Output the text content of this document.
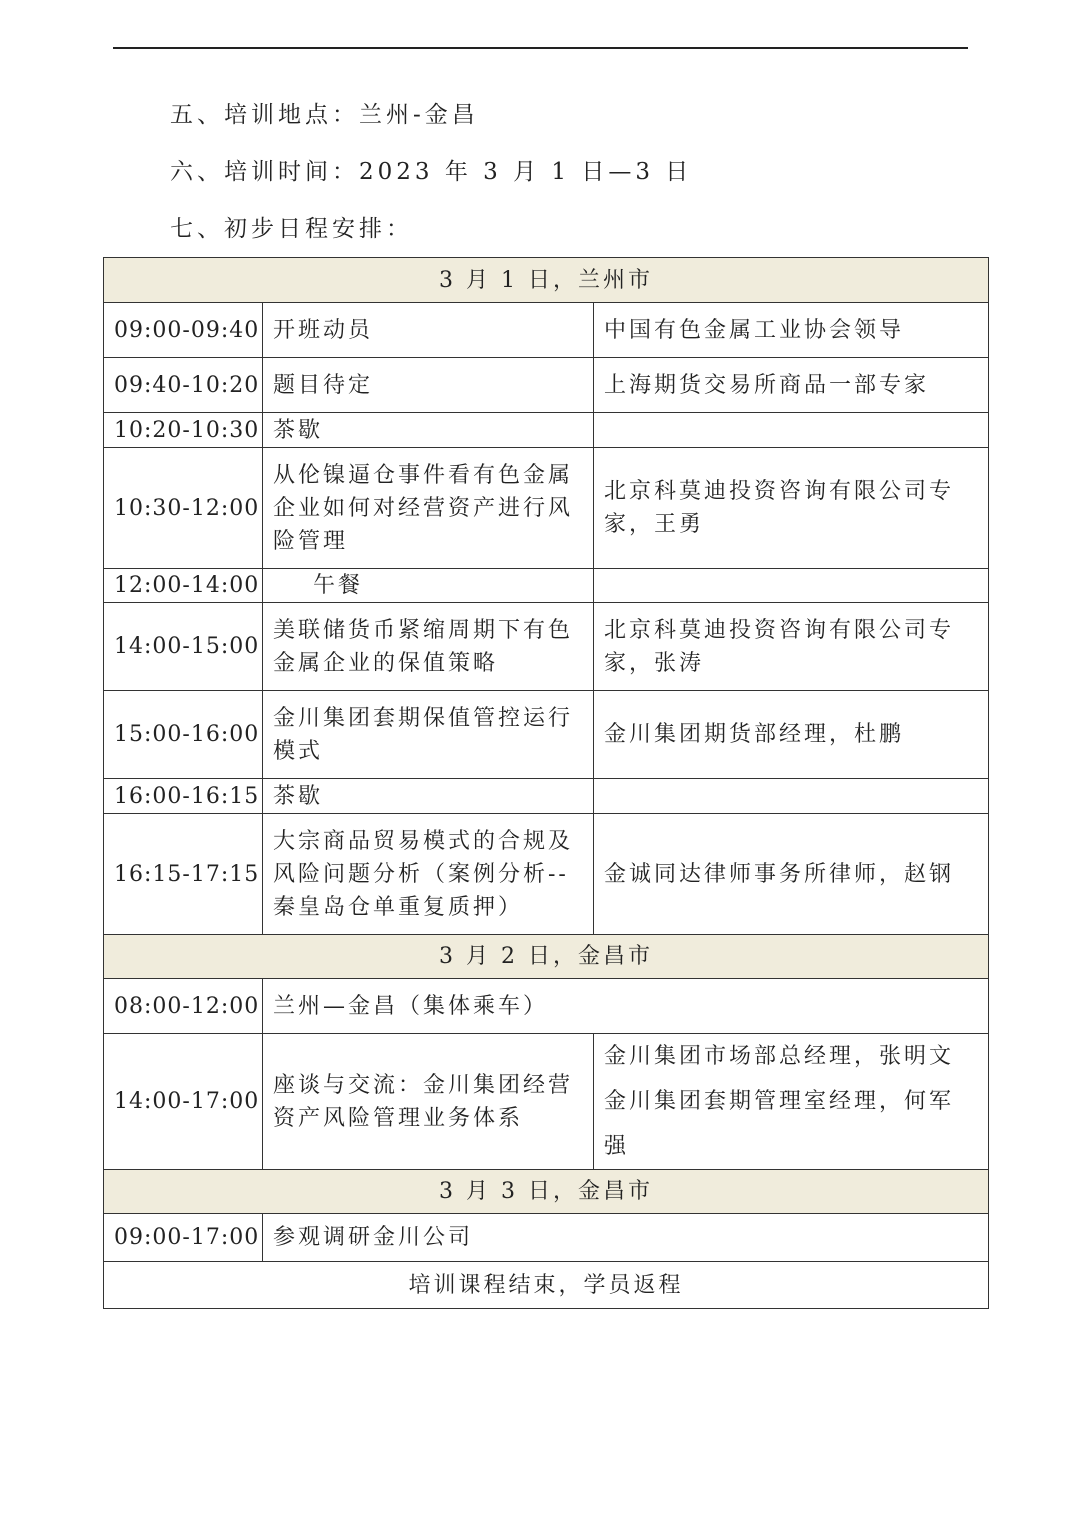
五、培训地点：兰州-金昌
六、培训时间：2023 年 3 月 1 日—3 日
七、初步日程安排：
3 月 1 日，兰州市		
09:00-09:40	开班动员	中国有色金属工业协会领导
09:40-10:20	题目待定	上海期货交易所商品一部专家
10:20-10:30	茶歇	
10:30-12:00	从伦镍逼仓事件看有色金属企业如何对经营资产进行风险管理	北京科莫迪投资咨询有限公司专家，王勇
12:00-14:00	午餐	
14:00-15:00	美联储货币紧缩周期下有色金属企业的保值策略	北京科莫迪投资咨询有限公司专家，张涛
15:00-16:00	金川集团套期保值管控运行模式	金川集团期货部经理，杜鹏
16:00-16:15	茶歇	
16:15-17:15	大宗商品贸易模式的合规及风险问题分析（案例分析--秦皇岛仓单重复质押）	金诚同达律师事务所律师，赵钢
3 月 2 日，金昌市		
08:00-12:00	兰州—金昌（集体乘车）	
14:00-17:00	座谈与交流：金川集团经营资产风险管理业务体系	金川集团市场部总经理，张明文
金川集团套期管理室经理，何军强

3 月 3 日，金昌市		
09:00-17:00	参观调研金川公司	
培训课程结束，学员返程		
